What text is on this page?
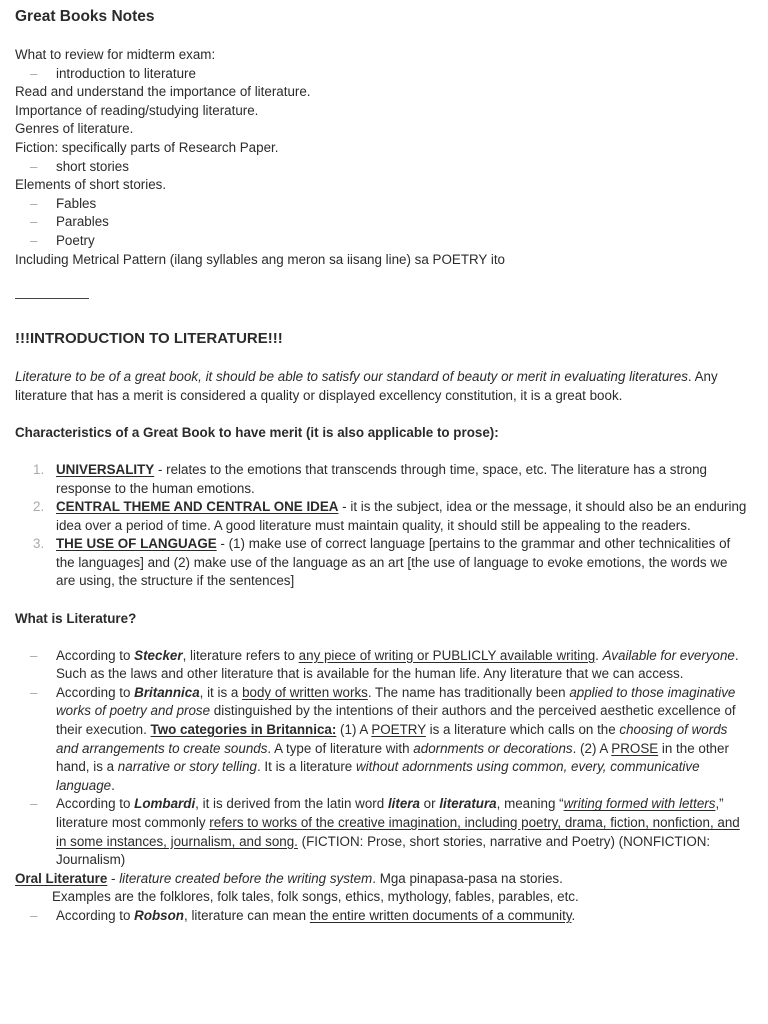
Great Books Notes
What to review for midterm exam:
– introduction to literature
Read and understand the importance of literature.
Importance of reading/studying literature.
Genres of literature.
Fiction: specifically parts of Research Paper.
– short stories
Elements of short stories.
– Fables
– Parables
– Poetry
Including Metrical Pattern (ilang syllables ang meron sa iisang line) sa POETRY ito
!!!INTRODUCTION TO LITERATURE!!!
Literature to be of a great book, it should be able to satisfy our standard of beauty or merit in evaluating literatures. Any literature that has a merit is considered a quality or displayed excellency constitution, it is a great book.
Characteristics of a Great Book to have merit (it is also applicable to prose):
1. UNIVERSALITY - relates to the emotions that transcends through time, space, etc. The literature has a strong response to the human emotions.
2. CENTRAL THEME AND CENTRAL ONE IDEA - it is the subject, idea or the message, it should also be an enduring idea over a period of time. A good literature must maintain quality, it should still be appealing to the readers.
3. THE USE OF LANGUAGE - (1) make use of correct language [pertains to the grammar and other technicalities of the languages] and (2) make use of the language as an art [the use of language to evoke emotions, the words we are using, the structure if the sentences]
What is Literature?
– According to Stecker, literature refers to any piece of writing or PUBLICLY available writing. Available for everyone. Such as the laws and other literature that is available for the human life. Any literature that we can access.
– According to Britannica, it is a body of written works. The name has traditionally been applied to those imaginative works of poetry and prose distinguished by the intentions of their authors and the perceived aesthetic excellence of their execution. Two categories in Britannica: (1) A POETRY is a literature which calls on the choosing of words and arrangements to create sounds. A type of literature with adornments or decorations. (2) A PROSE in the other hand, is a narrative or story telling. It is a literature without adornments using common, every, communicative language.
– According to Lombardi, it is derived from the latin word litera or literatura, meaning “writing formed with letters,” literature most commonly refers to works of the creative imagination, including poetry, drama, fiction, nonfiction, and in some instances, journalism, and song. (FICTION: Prose, short stories, narrative and Poetry) (NONFICTION: Journalism)
Oral Literature - literature created before the writing system. Mga pinapasa-pasa na stories.
Examples are the folklores, folk tales, folk songs, ethics, mythology, fables, parables, etc.
– According to Robson, literature can mean the entire written documents of a community.
